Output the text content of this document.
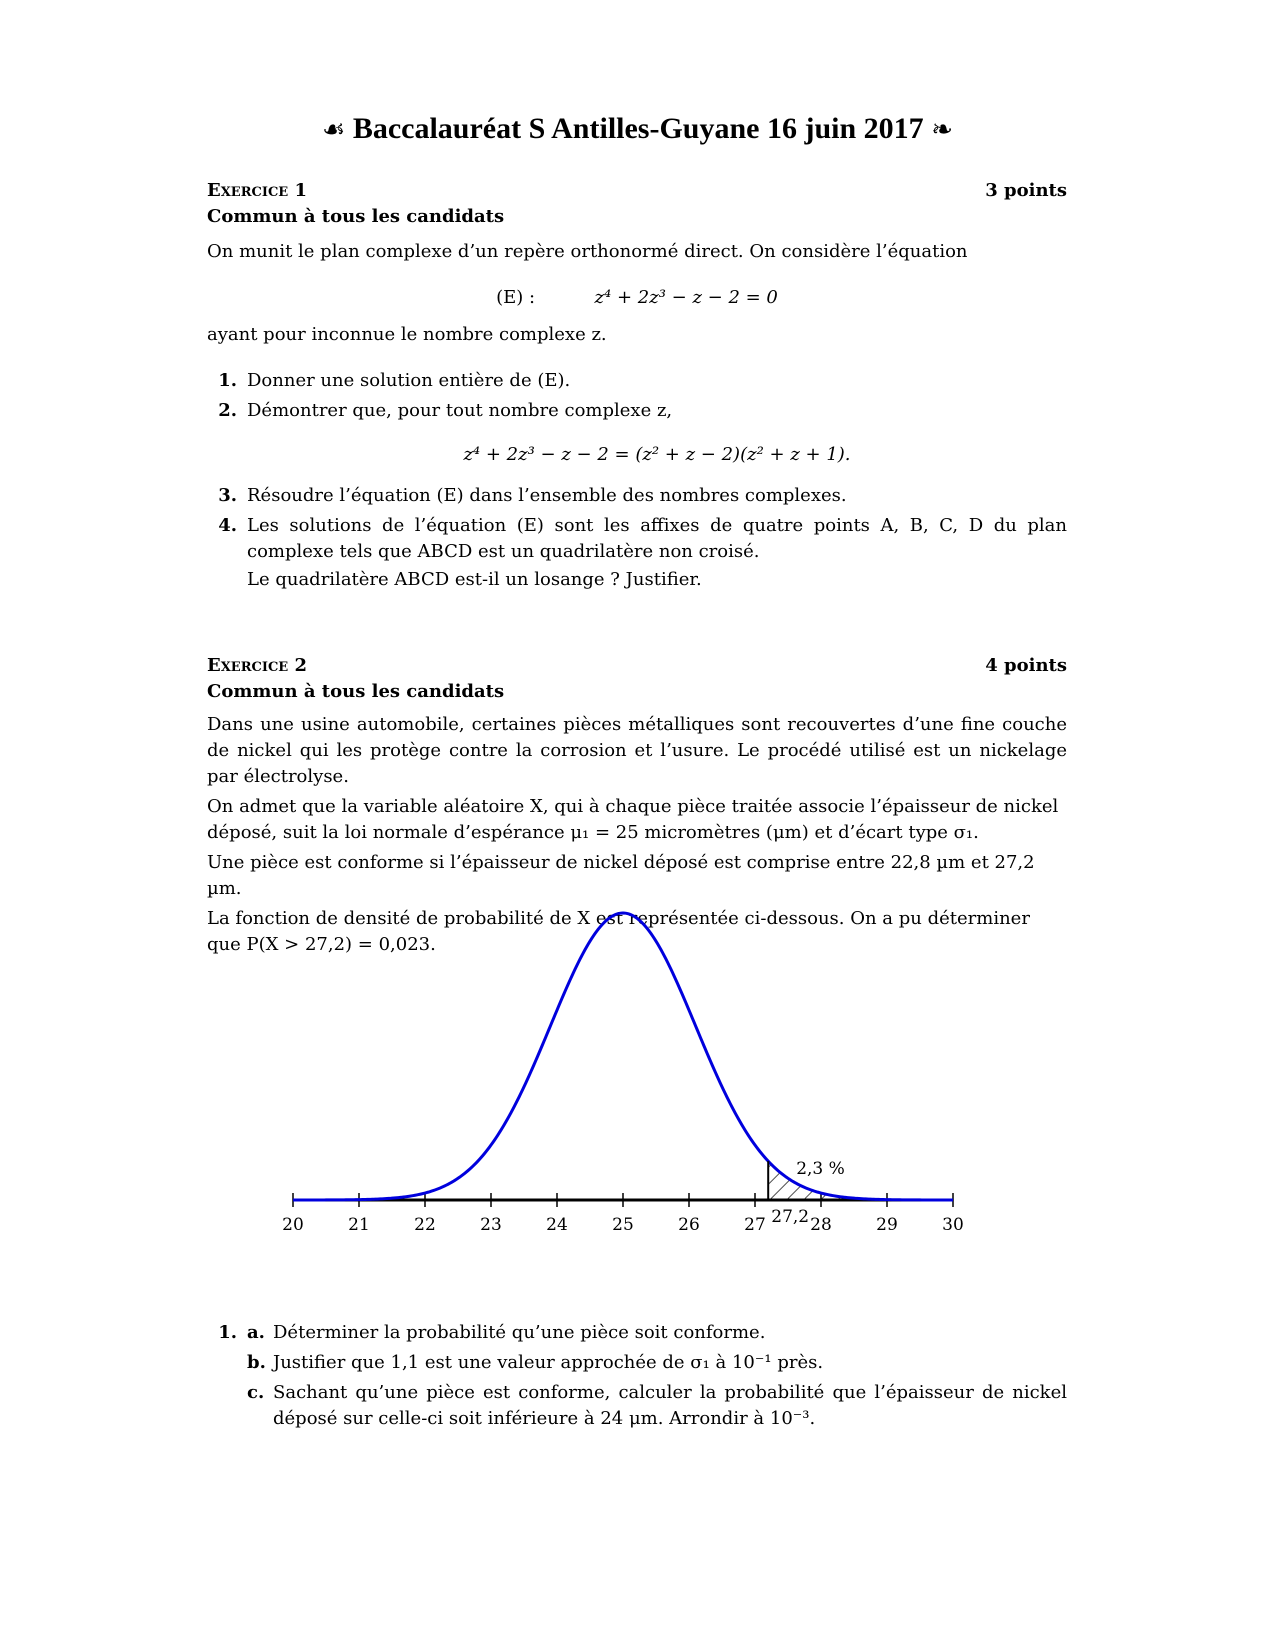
☙ Baccalauréat S Antilles-Guyane 16 juin 2017 ❧
Exercice 1	3 points
Commun à tous les candidats

On munit le plan complexe d’un repère orthonormé direct. On considère l’équation

(E) :	z⁴ + 2z³ − z − 2 = 0

ayant pour inconnue le nombre complexe z.

1. Donner une solution entière de (E).
2. Démontrer que, pour tout nombre complexe z,
z⁴ + 2z³ − z − 2 = (z² + z − 2)(z² + z + 1).
3. Résoudre l’équation (E) dans l’ensemble des nombres complexes.
4. Les solutions de l’équation (E) sont les affixes de quatre points A, B, C, D du plan complexe tels que ABCD est un quadrilatère non croisé.

Le quadrilatère ABCD est-il un losange ? Justifier.

Exercice 2	4 points
Commun à tous les candidats

Dans une usine automobile, certaines pièces métalliques sont recouvertes d’une fine couche de nickel qui les protège contre la corrosion et l’usure. Le procédé utilisé est un nickelage par électrolyse.

On admet que la variable aléatoire X, qui à chaque pièce traitée associe l’épaisseur de nickel déposé, suit la loi normale d’espérance μ₁ = 25 micromètres (μm) et d’écart type σ₁.

Une pièce est conforme si l’épaisseur de nickel déposé est comprise entre 22,8 µm et 27,2 µm.

La fonction de densité de probabilité de X est représentée ci-dessous. On a pu déterminer que P(X > 27,2) = 0,023.

20	21	22	23	24	25	26	27	28	29	30
2,3 %
27,2
1. a. Déterminer la probabilité qu’une pièce soit conforme.
b. Justifier que 1,1 est une valeur approchée de σ₁ à 10⁻¹ près.
c. Sachant qu’une pièce est conforme, calculer la probabilité que l’épaisseur de nickel déposé sur celle-ci soit inférieure à 24 μm. Arrondir à 10⁻³.
